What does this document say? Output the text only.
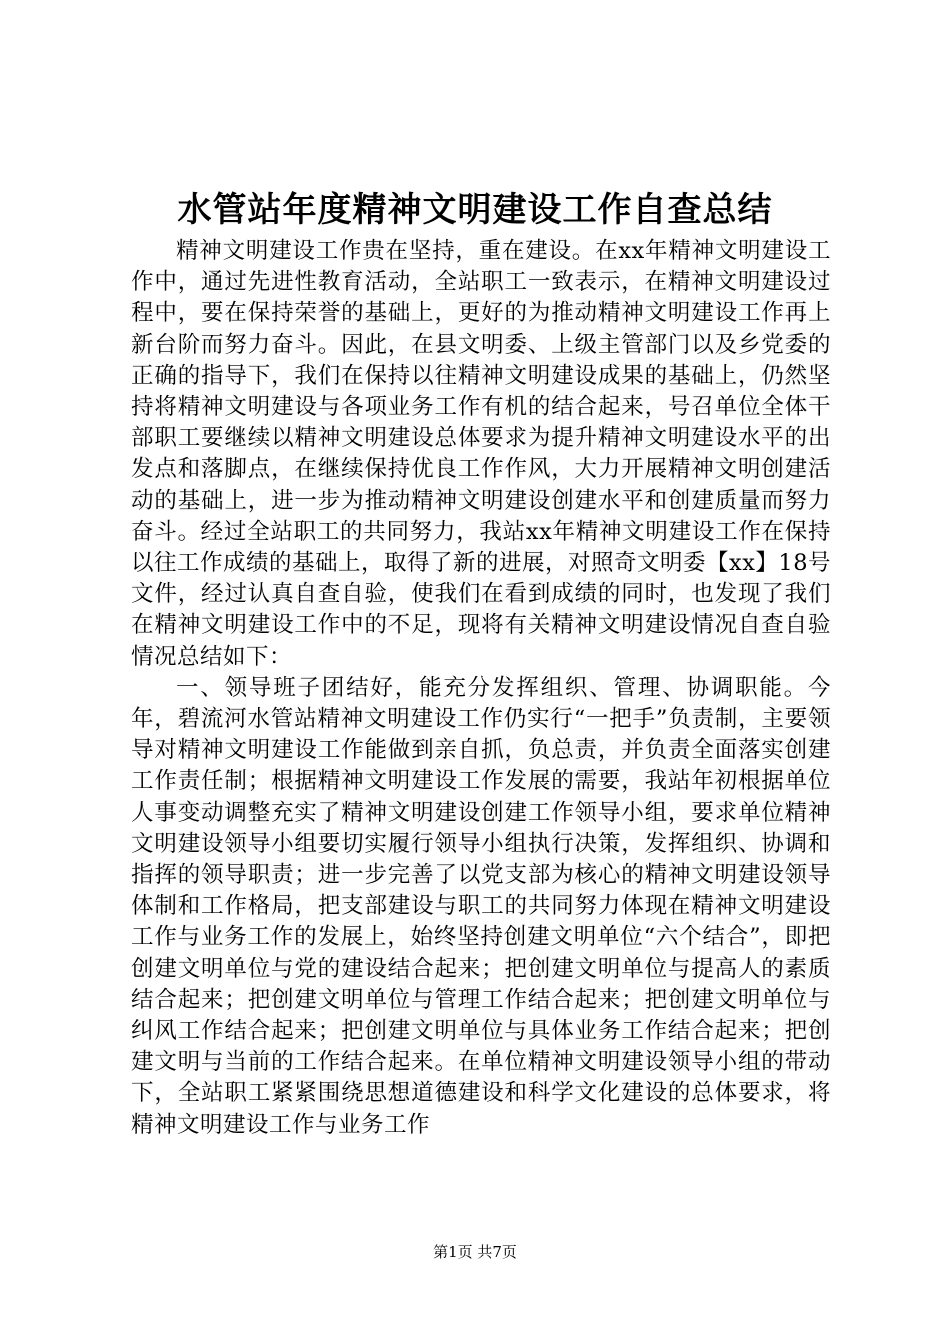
水管站年度精神文明建设工作自查总结

精神文明建设工作贵在坚持，重在建设。在xx年精神文明建设工作中，通过先进性教育活动，全站职工一致表示，在精神文明建设过程中，要在保持荣誉的基础上，更好的为推动精神文明建设工作再上新台阶而努力奋斗。因此，在县文明委、上级主管部门以及乡党委的正确的指导下，我们在保持以往精神文明建设成果的基础上，仍然坚持将精神文明建设与各项业务工作有机的结合起来，号召单位全体干部职工要继续以精神文明建设总体要求为提升精神文明建设水平的出发点和落脚点，在继续保持优良工作作风，大力开展精神文明创建活动的基础上，进一步为推动精神文明建设创建水平和创建质量而努力奋斗。经过全站职工的共同努力，我站xx年精神文明建设工作在保持以往工作成绩的基础上，取得了新的进展，对照奇文明委【xx】18号文件，经过认真自查自验，使我们在看到成绩的同时，也发现了我们在精神文明建设工作中的不足，现将有关精神文明建设情况自查自验情况总结如下：

一、领导班子团结好，能充分发挥组织、管理、协调职能。今年，碧流河水管站精神文明建设工作仍实行“一把手”负责制，主要领导对精神文明建设工作能做到亲自抓，负总责，并负责全面落实创建工作责任制；根据精神文明建设工作发展的需要，我站年初根据单位人事变动调整充实了精神文明建设创建工作领导小组，要求单位精神文明建设领导小组要切实履行领导小组执行决策，发挥组织、协调和指挥的领导职责；进一步完善了以党支部为核心的精神文明建设领导体制和工作格局，把支部建设与职工的共同努力体现在精神文明建设工作与业务工作的发展上，始终坚持创建文明单位“六个结合”，即把创建文明单位与党的建设结合起来；把创建文明单位与提高人的素质结合起来；把创建文明单位与管理工作结合起来；把创建文明单位与纠风工作结合起来；把创建文明单位与具体业务工作结合起来；把创建文明与当前的工作结合起来。在单位精神文明建设领导小组的带动下，全站职工紧紧围绕思想道德建设和科学文化建设的总体要求，将精神文明建设工作与业务工作

第1页 共7页
